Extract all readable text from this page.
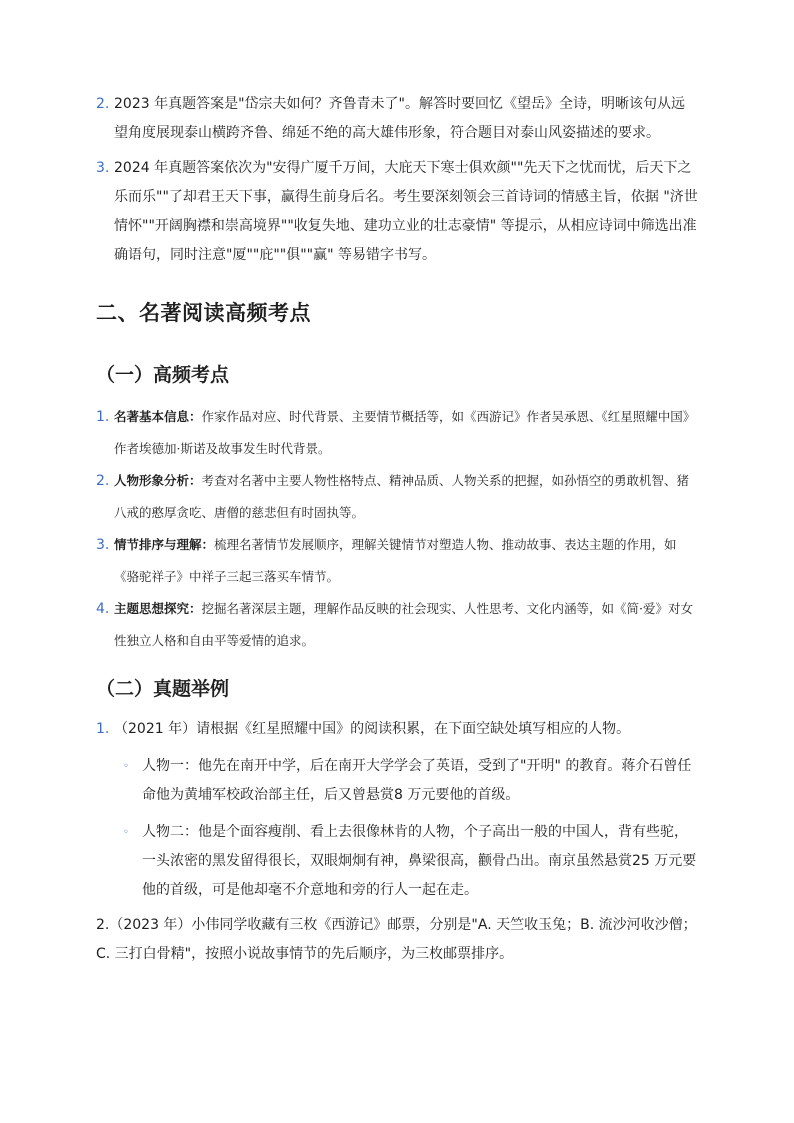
2. 2023 年真题答案是"岱宗夫如何？齐鲁青未了"。解答时要回忆《望岳》全诗，明晰该句从远望角度展现泰山横跨齐鲁、绵延不绝的高大雄伟形象，符合题目对泰山风姿描述的要求。

3. 2024 年真题答案依次为"安得广厦千万间，大庇天下寒士俱欢颜""先天下之忧而忧，后天下之乐而乐""了却君王天下事，赢得生前身后名。考生要深刻领会三首诗词的情感主旨，依据 "济世情怀""开阔胸襟和崇高境界""收复失地、建功立业的壮志豪情" 等提示，从相应诗词中筛选出准确语句，同时注意"厦""庇""俱""赢" 等易错字书写。

二、名著阅读高频考点
（一）高频考点

1. 名著基本信息：作家作品对应、时代背景、主要情节概括等，如《西游记》作者吴承恩、《红星照耀中国》作者埃德加·斯诺及故事发生时代背景。

2. 人物形象分析：考查对名著中主要人物性格特点、精神品质、人物关系的把握，如孙悟空的勇敢机智、猪八戒的憨厚贪吃、唐僧的慈悲但有时固执等。

3. 情节排序与理解：梳理名著情节发展顺序，理解关键情节对塑造人物、推动故事、表达主题的作用，如《骆驼祥子》中祥子三起三落买车情节。

4. 主题思想探究：挖掘名著深层主题，理解作品反映的社会现实、人性思考、文化内涵等，如《简·爱》对女性独立人格和自由平等爱情的追求。

（二）真题举例

1. （2021 年）请根据《红星照耀中国》的阅读积累，在下面空缺处填写相应的人物。

◦ 人物一：他先在南开中学，后在南开大学学会了英语，受到了"开明" 的教育。蒋介石曾任命他为黄埔军校政治部主任，后又曾悬赏8 万元要他的首级。

◦ 人物二：他是个面容瘦削、看上去很像林肯的人物，个子高出一般的中国人，背有些驼，一头浓密的黑发留得很长，双眼炯炯有神，鼻梁很高，颧骨凸出。南京虽然悬赏25 万元要他的首级，可是他却毫不介意地和旁的行人一起在走。

2.（2023 年）小伟同学收藏有三枚《西游记》邮票，分别是"A. 天竺收玉兔；B. 流沙河收沙僧；C. 三打白骨精"，按照小说故事情节的先后顺序，为三枚邮票排序。
